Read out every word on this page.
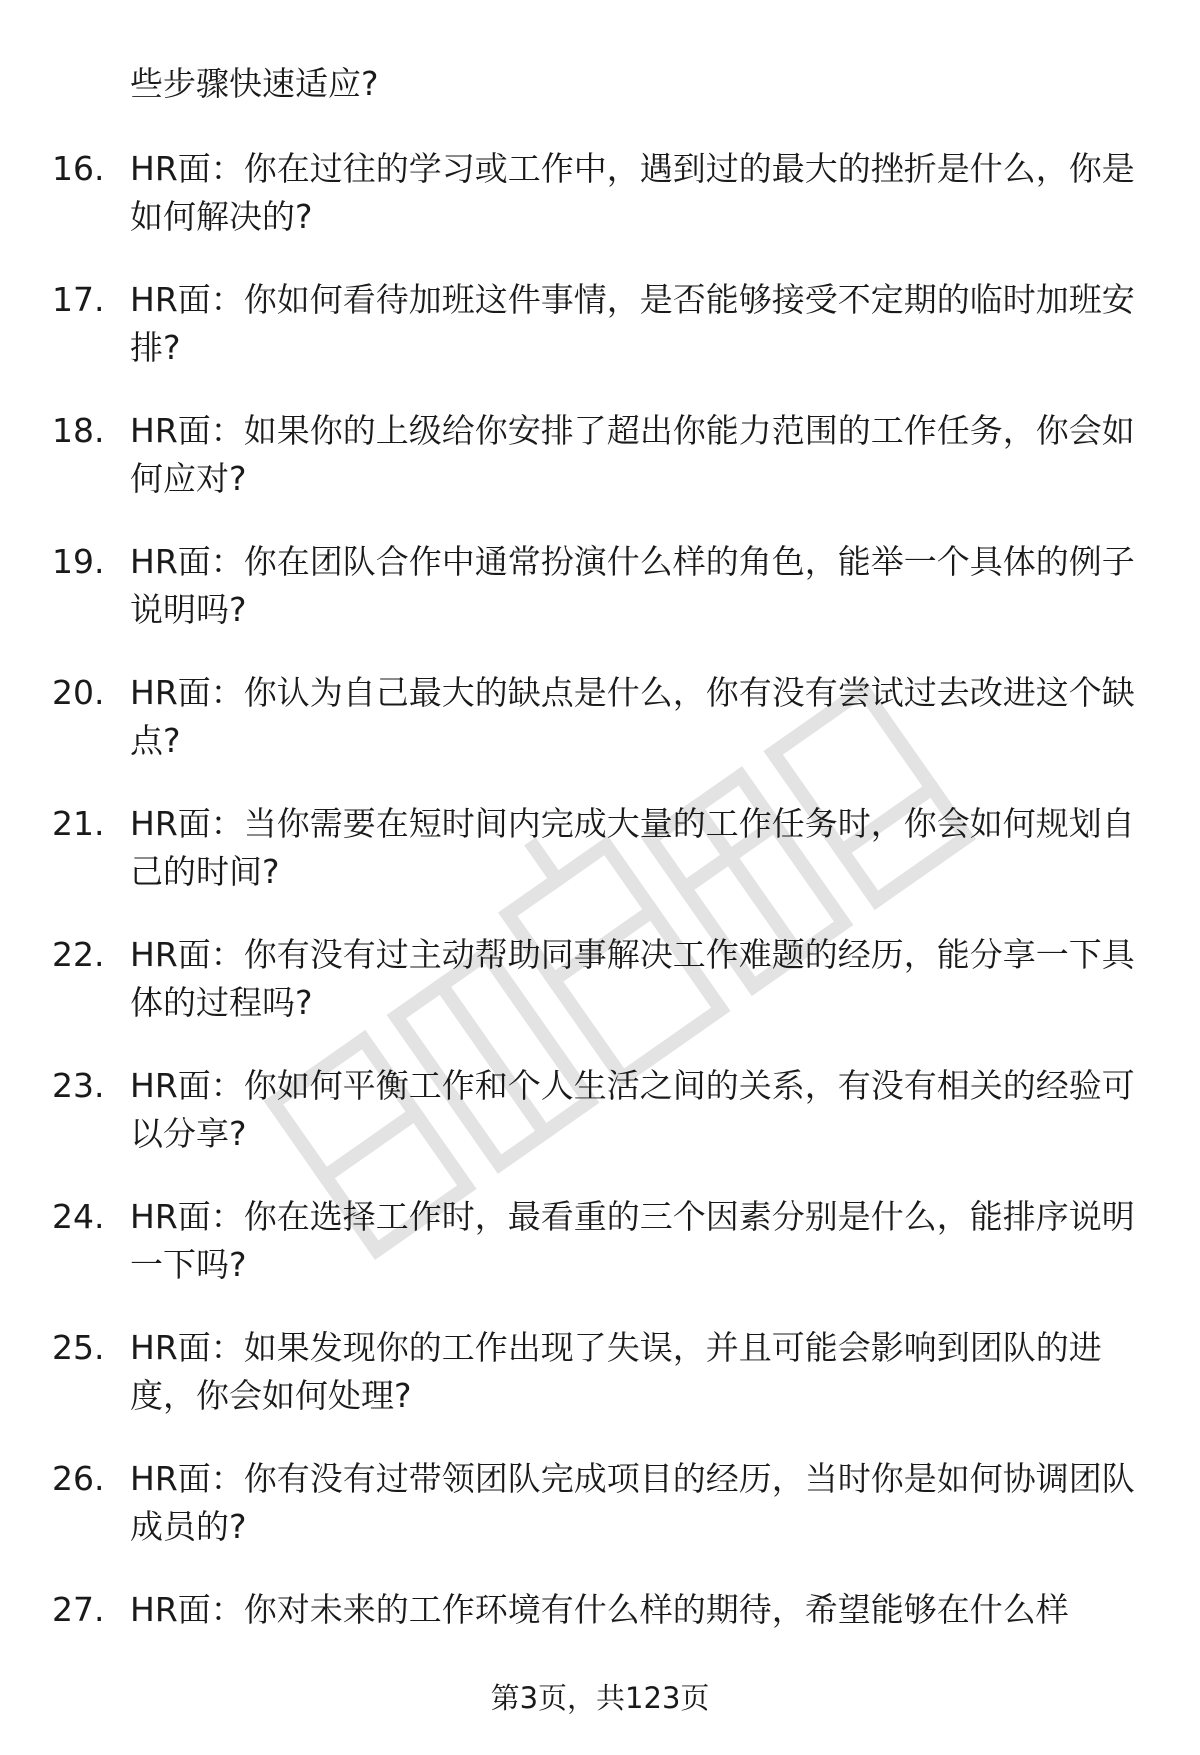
些步骤快速适应?
16. HR面：你在过往的学习或工作中，遇到过的最大的挫折是什么，你是如何解决的?
17. HR面：你如何看待加班这件事情，是否能够接受不定期的临时加班安排?
18. HR面：如果你的上级给你安排了超出你能力范围的工作任务，你会如何应对?
19. HR面：你在团队合作中通常扮演什么样的角色，能举一个具体的例子说明吗?
20. HR面：你认为自己最大的缺点是什么，你有没有尝试过去改进这个缺点?
21. HR面：当你需要在短时间内完成大量的工作任务时，你会如何规划自己的时间?
22. HR面：你有没有过主动帮助同事解决工作难题的经历，能分享一下具体的过程吗?
23. HR面：你如何平衡工作和个人生活之间的关系，有没有相关的经验可以分享?
24. HR面：你在选择工作时，最看重的三个因素分别是什么，能排序说明一下吗?
25. HR面：如果发现你的工作出现了失误，并且可能会影响到团队的进度，你会如何处理?
26. HR面：你有没有过带领团队完成项目的经历，当时你是如何协调团队成员的?
27. HR面：你对未来的工作环境有什么样的期待，希望能够在什么样
第3页，共123页
